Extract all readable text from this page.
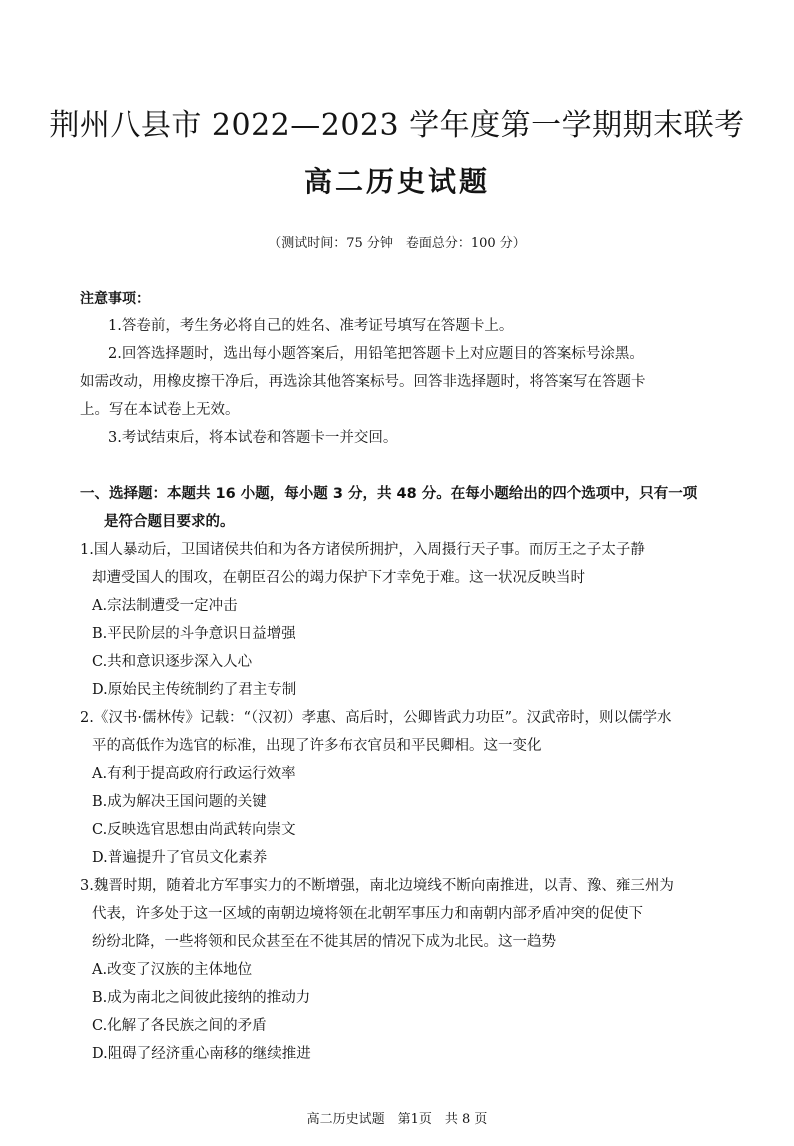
荆州八县市 2022—2023 学年度第一学期期末联考
高二历史试题
（测试时间：75 分钟　卷面总分：100 分）
注意事项：
1.答卷前，考生务必将自己的姓名、准考证号填写在答题卡上。
2.回答选择题时，选出每小题答案后，用铅笔把答题卡上对应题目的答案标号涂黑。
如需改动，用橡皮擦干净后，再选涂其他答案标号。回答非选择题时，将答案写在答题卡
上。写在本试卷上无效。
3.考试结束后，将本试卷和答题卡一并交回。
一、选择题：本题共 16 小题，每小题 3 分，共 48 分。在每小题给出的四个选项中，只有一项
是符合题目要求的。

1.国人暴动后，卫国诸侯共伯和为各方诸侯所拥护，入周摄行天子事。而厉王之子太子静

却遭受国人的围攻，在朝臣召公的竭力保护下才幸免于难。这一状况反映当时

A.宗法制遭受一定冲击

B.平民阶层的斗争意识日益增强

C.共和意识逐步深入人心

D.原始民主传统制约了君主专制

2.《汉书·儒林传》记载：“（汉初）孝惠、高后时，公卿皆武力功臣”。汉武帝时，则以儒学水

平的高低作为选官的标准，出现了许多布衣官员和平民卿相。这一变化

A.有利于提高政府行政运行效率

B.成为解决王国问题的关键

C.反映选官思想由尚武转向崇文

D.普遍提升了官员文化素养

3.魏晋时期，随着北方军事实力的不断增强，南北边境线不断向南推进，以青、豫、雍三州为

代表，许多处于这一区域的南朝边境将领在北朝军事压力和南朝内部矛盾冲突的促使下

纷纷北降，一些将领和民众甚至在不徙其居的情况下成为北民。这一趋势

A.改变了汉族的主体地位

B.成为南北之间彼此接纳的推动力

C.化解了各民族之间的矛盾

D.阻碍了经济重心南移的继续推进

高二历史试题　第1页　共 8 页
